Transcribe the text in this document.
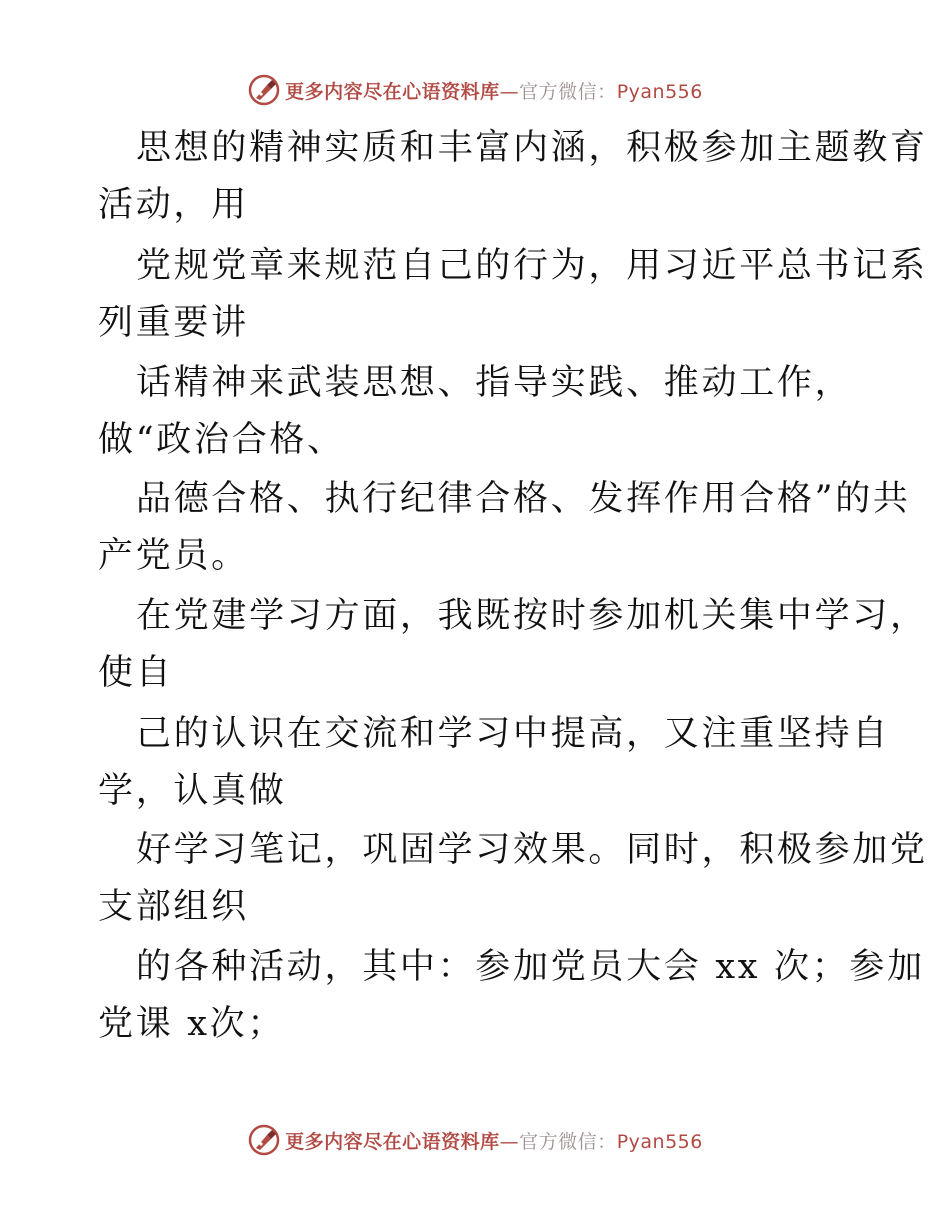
更多内容尽在心语资料库—官方微信：Pyan556
思想的精神实质和丰富内涵，积极参加主题教育
活动，用
党规党章来规范自己的行为，用习近平总书记系
列重要讲
话精神来武装思想、指导实践、推动工作，
做“政治合格、
品德合格、执行纪律合格、发挥作用合格”的共
产党员。
在党建学习方面，我既按时参加机关集中学习，
使自
己的认识在交流和学习中提高，又注重坚持自
学，认真做
好学习笔记，巩固学习效果。同时，积极参加党
支部组织
的各种活动，其中：参加党员大会 xx 次；参加
党课 x次；
更多内容尽在心语资料库—官方微信：Pyan556
